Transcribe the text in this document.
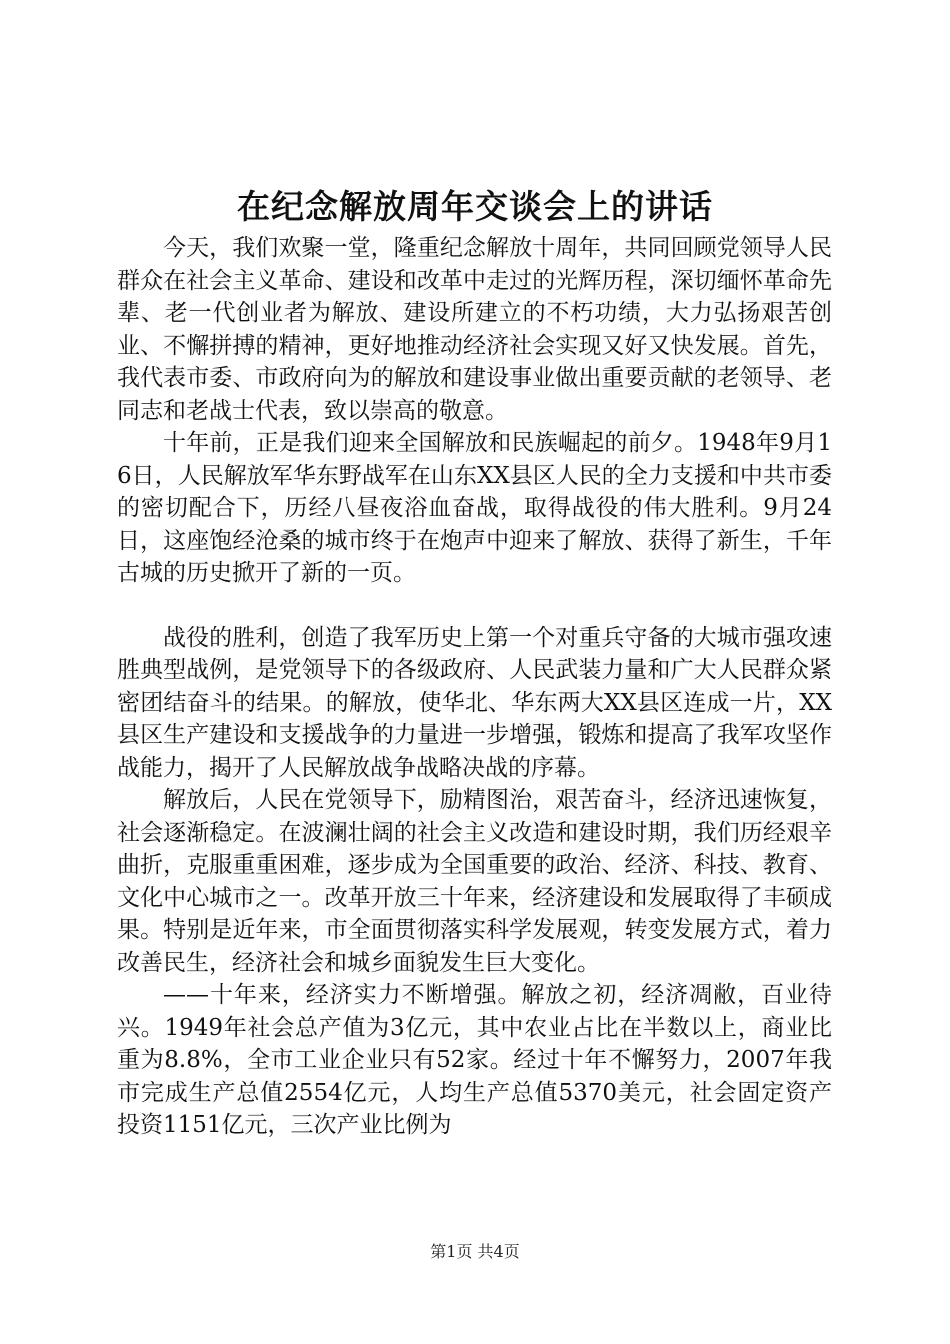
在纪念解放周年交谈会上的讲话

今天，我们欢聚一堂，隆重纪念解放十周年，共同回顾党领导人民群众在社会主义革命、建设和改革中走过的光辉历程，深切缅怀革命先辈、老一代创业者为解放、建设所建立的不朽功绩，大力弘扬艰苦创业、不懈拼搏的精神，更好地推动经济社会实现又好又快发展。首先，我代表市委、市政府向为的解放和建设事业做出重要贡献的老领导、老同志和老战士代表，致以崇高的敬意。

十年前，正是我们迎来全国解放和民族崛起的前夕。1948年9月16日，人民解放军华东野战军在山东XX县区人民的全力支援和中共市委的密切配合下，历经八昼夜浴血奋战，取得战役的伟大胜利。9月24日，这座饱经沧桑的城市终于在炮声中迎来了解放、获得了新生，千年古城的历史掀开了新的一页。

战役的胜利，创造了我军历史上第一个对重兵守备的大城市强攻速胜典型战例，是党领导下的各级政府、人民武装力量和广大人民群众紧密团结奋斗的结果。的解放，使华北、华东两大XX县区连成一片，XX县区生产建设和支援战争的力量进一步增强，锻炼和提高了我军攻坚作战能力，揭开了人民解放战争战略决战的序幕。

解放后，人民在党领导下，励精图治，艰苦奋斗，经济迅速恢复，社会逐渐稳定。在波澜壮阔的社会主义改造和建设时期，我们历经艰辛曲折，克服重重困难，逐步成为全国重要的政治、经济、科技、教育、文化中心城市之一。改革开放三十年来，经济建设和发展取得了丰硕成果。特别是近年来，市全面贯彻落实科学发展观，转变发展方式，着力改善民生，经济社会和城乡面貌发生巨大变化。

——十年来，经济实力不断增强。解放之初，经济凋敝，百业待兴。1949年社会总产值为3亿元，其中农业占比在半数以上，商业比重为8.8%，全市工业企业只有52家。经过十年不懈努力，2007年我市完成生产总值2554亿元，人均生产总值5370美元，社会固定资产投资1151亿元，三次产业比例为

第1页 共4页
